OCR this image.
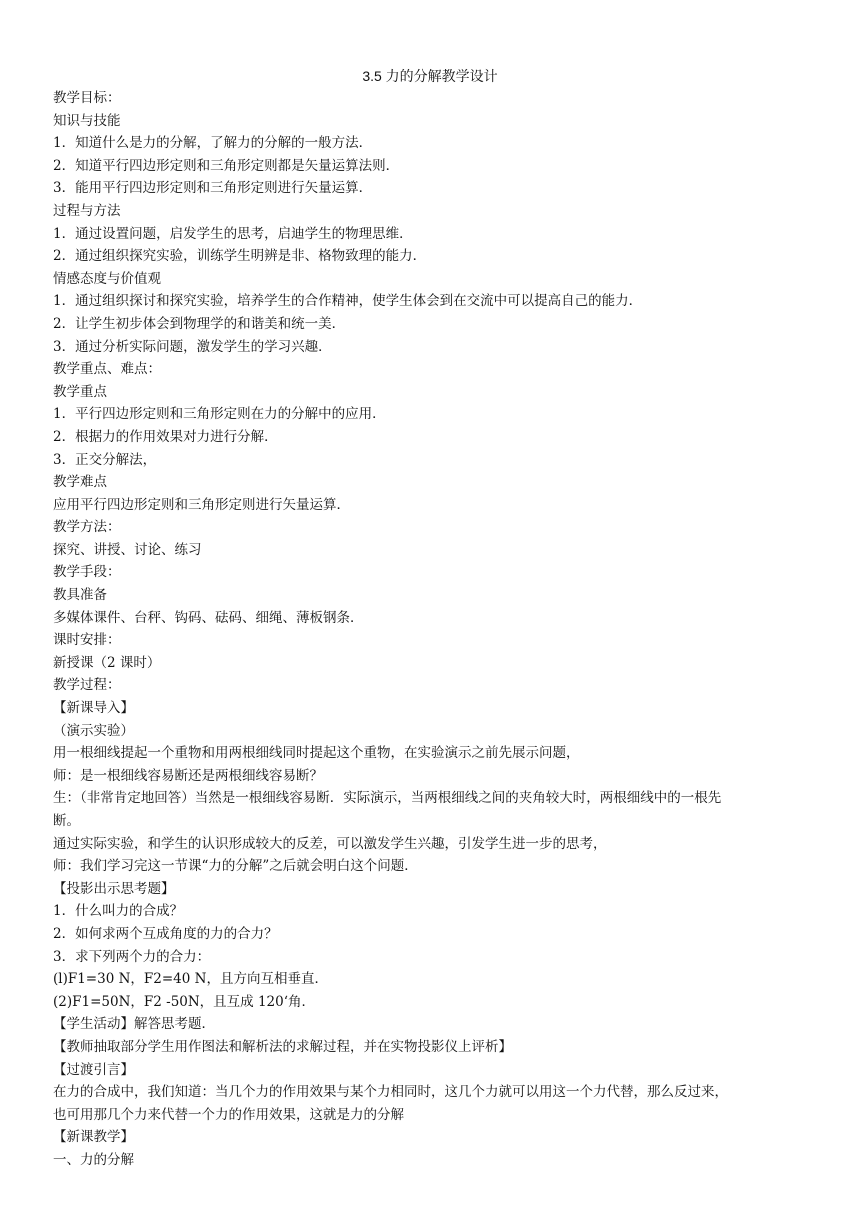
3.5 力的分解教学设计
教学目标：
知识与技能
1．知道什么是力的分解，了解力的分解的一般方法．
2．知道平行四边形定则和三角形定则都是矢量运算法则．
3．能用平行四边形定则和三角形定则进行矢量运算．
过程与方法
1．通过设置问题，启发学生的思考，启迪学生的物理思维．
2．通过组织探究实验，训练学生明辨是非、格物致理的能力．
情感态度与价值观
1．通过组织探讨和探究实验，培养学生的合作精神，使学生体会到在交流中可以提高自己的能力．
2．让学生初步体会到物理学的和谐美和统一美．
3．通过分析实际问题，激发学生的学习兴趣．
教学重点、难点：
教学重点
1．平行四边形定则和三角形定则在力的分解中的应用．
2．根据力的作用效果对力进行分解．
3．正交分解法，
教学难点
应用平行四边形定则和三角形定则进行矢量运算．
教学方法：
探究、讲授、讨论、练习
教学手段：
教具准备
多媒体课件、台秤、钩码、砝码、细绳、薄板钢条．
课时安排：
新授课（2 课时）
教学过程：
【新课导入】
（演示实验）
用一根细线提起一个重物和用两根细线同时提起这个重物，在实验演示之前先展示问题，
师：是一根细线容易断还是两根细线容易断？
生：（非常肯定地回答）当然是一根细线容易断．实际演示，当两根细线之间的夹角较大时，两根细线中的一根先
断。
通过实际实验，和学生的认识形成较大的反差，可以激发学生兴趣，引发学生进一步的思考，
师：我们学习完这一节课“力的分解”之后就会明白这个问题．
【投影出示思考题】
1．什么叫力的合成？
2．如何求两个互成角度的力的合力？
3．求下列两个力的合力：
(l)F1=30 N，F2=40 N，且方向互相垂直．
(2)F1=50N，F2 -50N，且互成 120‘角．
【学生活动】解答思考题．
【教师抽取部分学生用作图法和解析法的求解过程，并在实物投影仪上评析】
【过渡引言】
在力的合成中，我们知道：当几个力的作用效果与某个力相同时，这几个力就可以用这一个力代替，那么反过来，
也可用那几个力来代替一个力的作用效果，这就是力的分解
【新课教学】
一、力的分解
